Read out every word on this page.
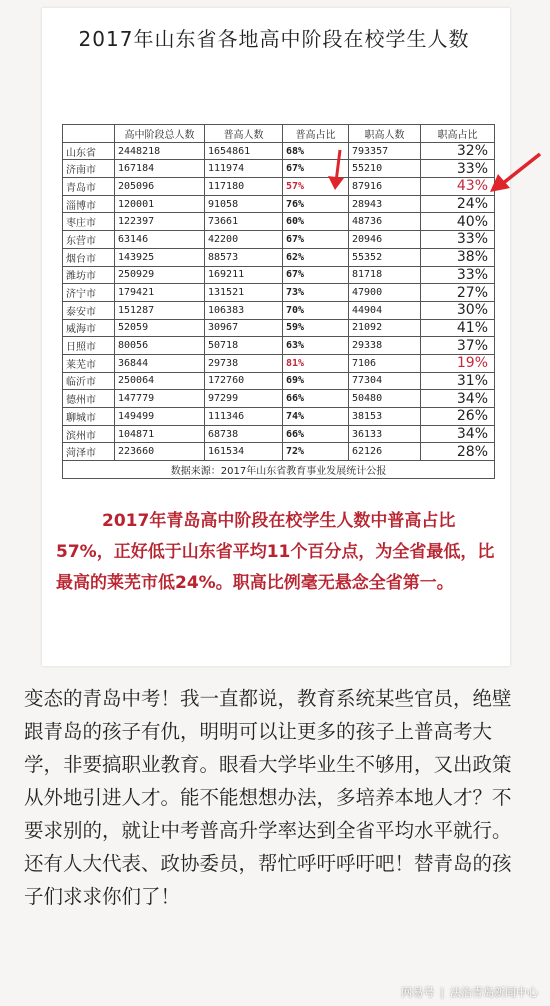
2017年山东省各地高中阶段在校学生人数
	高中阶段总人数	普高人数	普高占比	职高人数	职高占比
山东省	2448218	1654861	68%	793357	32%
济南市	167184	111974	67%	55210	33%
青岛市	205096	117180	57%	87916	43%
淄博市	120001	91058	76%	28943	24%
枣庄市	122397	73661	60%	48736	40%
东营市	63146	42200	67%	20946	33%
烟台市	143925	88573	62%	55352	38%
潍坊市	250929	169211	67%	81718	33%
济宁市	179421	131521	73%	47900	27%
泰安市	151287	106383	70%	44904	30%
威海市	52059	30967	59%	21092	41%
日照市	80056	50718	63%	29338	37%
莱芜市	36844	29738	81%	7106	19%
临沂市	250064	172760	69%	77304	31%
德州市	147779	97299	66%	50480	34%
聊城市	149499	111346	74%	38153	26%
滨州市	104871	68738	66%	36133	34%
菏泽市	223660	161534	72%	62126	28%
数据来源：2017年山东省教育事业发展统计公报					

2017年青岛高中阶段在校学生人数中普高占比57%，正好低于山东省平均11个百分点，为全省最低，比最高的莱芜市低24%。职高比例毫无悬念全省第一。

变态的青岛中考！我一直都说，教育系统某些官员，绝壁跟青岛的孩子有仇，明明可以让更多的孩子上普高考大学，非要搞职业教育。眼看大学毕业生不够用，又出政策从外地引进人才。能不能想想办法，多培养本地人才？不要求别的，就让中考普高升学率达到全省平均水平就行。还有人大代表、政协委员，帮忙呼吁呼吁吧！替青岛的孩子们求求你们了！

网易号 | 法治青岛新闻中心
